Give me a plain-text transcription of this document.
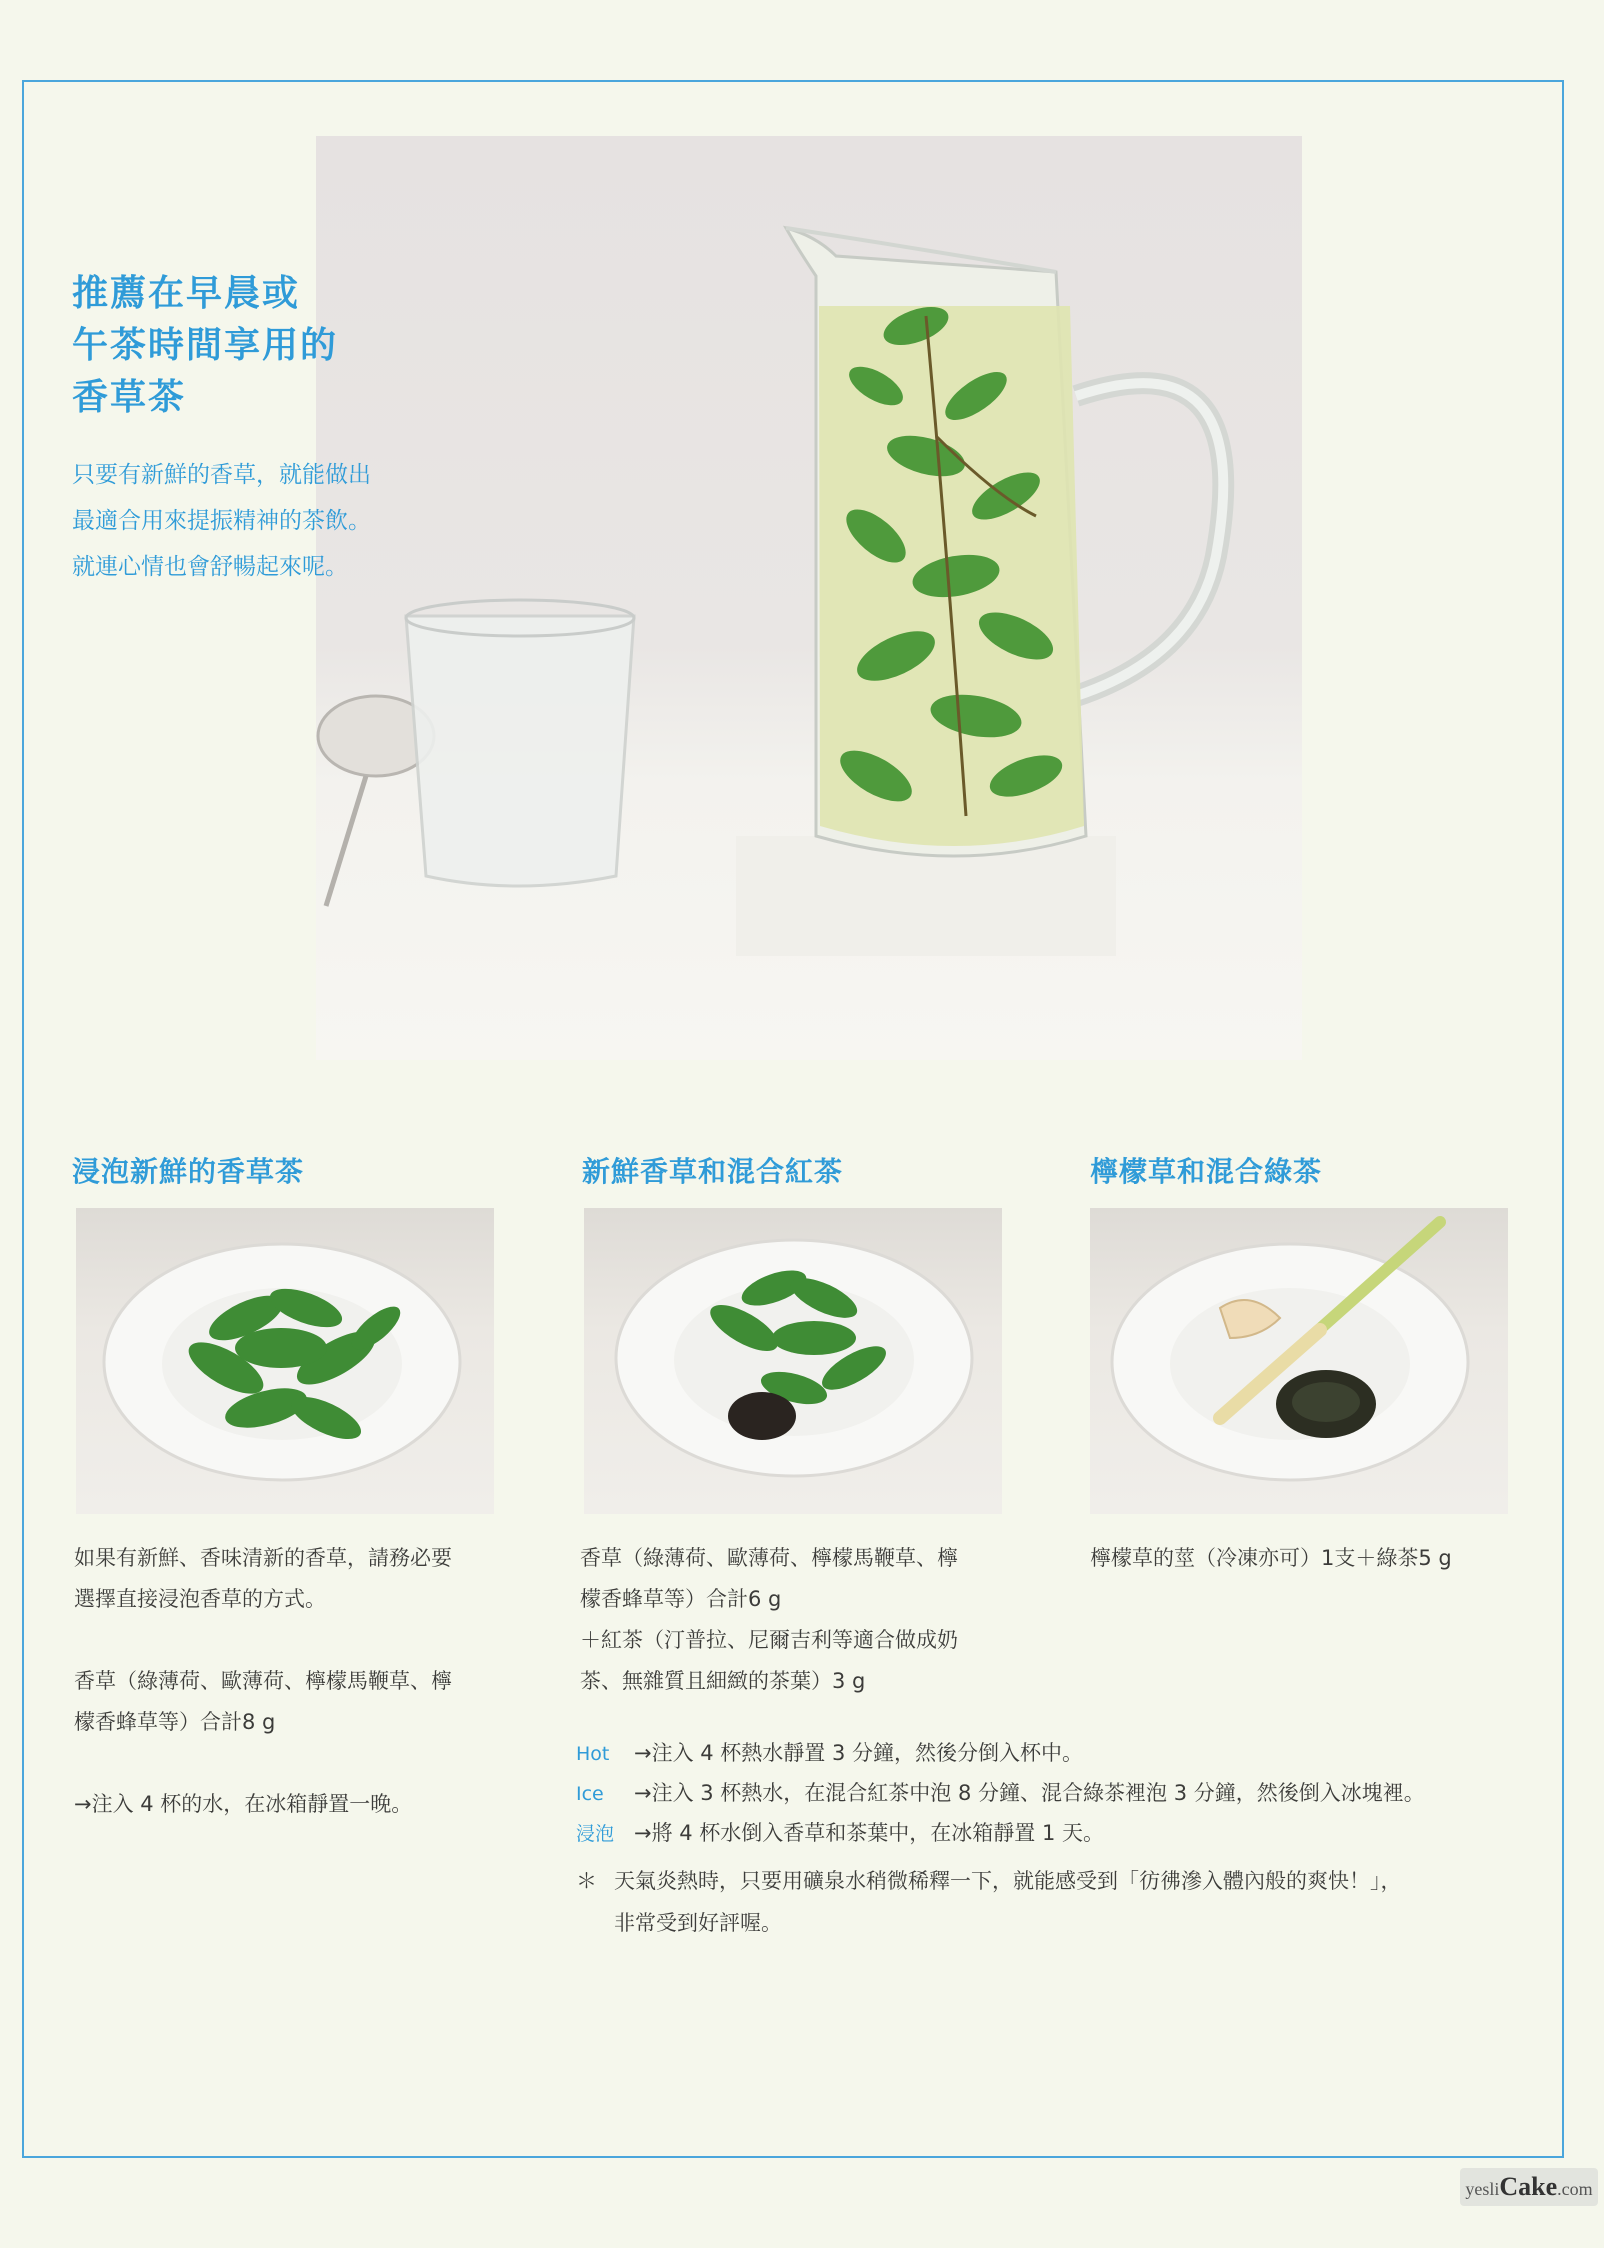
推薦在早晨或
午茶時間享用的
香草茶

只要有新鮮的香草，就能做出
最適合用來提振精神的茶飲。
就連心情也會舒暢起來呢。

浸泡新鮮的香草茶

如果有新鮮、香味清新的香草，請務必要
選擇直接浸泡香草的方式。

香草（綠薄荷、歐薄荷、檸檬馬鞭草、檸
檬香蜂草等）合計8 g

→注入 4 杯的水，在冰箱靜置一晚。

新鮮香草和混合紅茶

香草（綠薄荷、歐薄荷、檸檬馬鞭草、檸
檬香蜂草等）合計6 g
＋紅茶（汀普拉、尼爾吉利等適合做成奶
茶、無雜質且細緻的茶葉）3 g

檸檬草和混合綠茶

檸檬草的莖（冷凍亦可）1支＋綠茶5 g

Hot →注入 4 杯熱水靜置 3 分鐘，然後分倒入杯中。
Ice →注入 3 杯熱水，在混合紅茶中泡 8 分鐘、混合綠茶裡泡 3 分鐘，然後倒入冰塊裡。
浸泡 →將 4 杯水倒入香草和茶葉中，在冰箱靜置 1 天。
＊ 天氣炎熱時，只要用礦泉水稍微稀釋一下，就能感受到「彷彿滲入體內般的爽快！」，
非常受到好評喔。
yesliCake.com
